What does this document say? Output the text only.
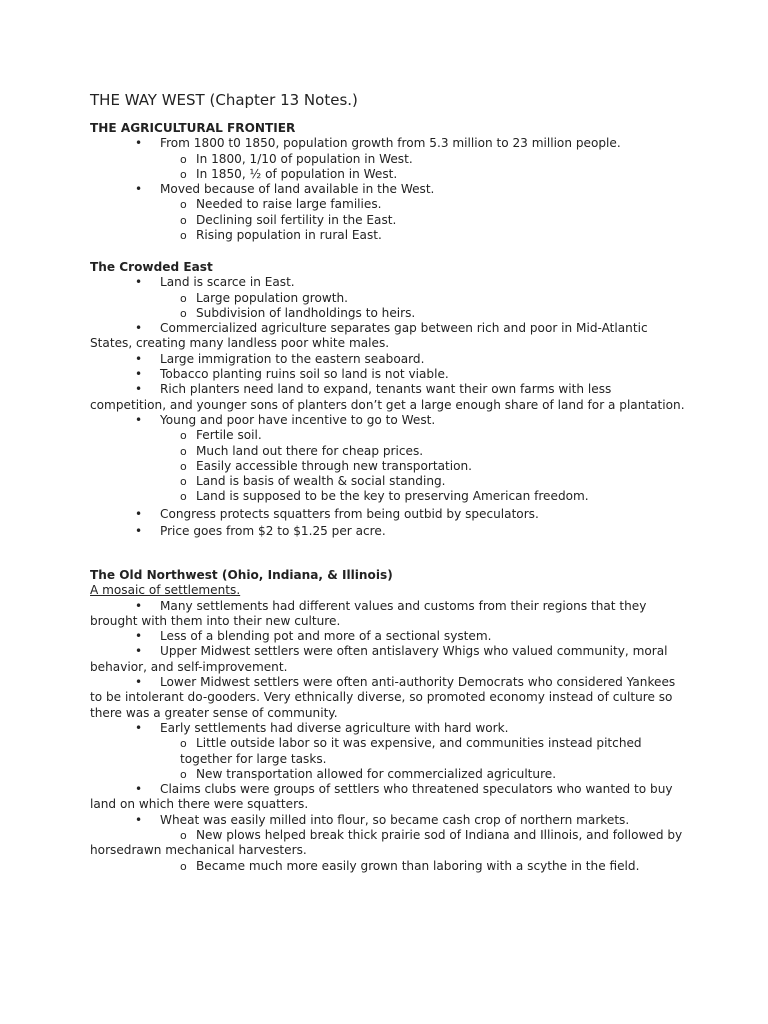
THE WAY WEST (Chapter 13 Notes.)

THE AGRICULTURAL FRONTIER

• From 1800 t0 1850, population growth from 5.3 million to 23 million people.
o In 1800, 1/10 of population in West.
o In 1850, ½ of population in West.
• Moved because of land available in the West.
o Needed to raise large families.
o Declining soil fertility in the East.
o Rising population in rural East.

The Crowded East

• Land is scarce in East.
o Large population growth.
o Subdivision of landholdings to heirs.
• Commercialized agriculture separates gap between rich and poor in Mid-Atlantic States, creating many landless poor white males.
• Large immigration to the eastern seaboard.
• Tobacco planting ruins soil so land is not viable.
• Rich planters need land to expand, tenants want their own farms with less competition, and younger sons of planters don’t get a large enough share of land for a plantation.
• Young and poor have incentive to go to West.
o Fertile soil.
o Much land out there for cheap prices.
o Easily accessible through new transportation.
o Land is basis of wealth & social standing.
o Land is supposed to be the key to preserving American freedom.
• Congress protects squatters from being outbid by speculators.
• Price goes from $2 to $1.25 per acre.

The Old Northwest (Ohio, Indiana, & Illinois)

A mosaic of settlements.

• Many settlements had different values and customs from their regions that they brought with them into their new culture.
• Less of a blending pot and more of a sectional system.
• Upper Midwest settlers were often antislavery Whigs who valued community, moral behavior, and self-improvement.
• Lower Midwest settlers were often anti-authority Democrats who considered Yankees to be intolerant do-gooders. Very ethnically diverse, so promoted economy instead of culture so there was a greater sense of community.
• Early settlements had diverse agriculture with hard work.
o Little outside labor so it was expensive, and communities instead pitched together for large tasks.
o New transportation allowed for commercialized agriculture.
• Claims clubs were groups of settlers who threatened speculators who wanted to buy land on which there were squatters.
• Wheat was easily milled into flour, so became cash crop of northern markets.
o New plows helped break thick prairie sod of Indiana and Illinois, and followed by horsedrawn mechanical harvesters.
o Became much more easily grown than laboring with a scythe in the field.
